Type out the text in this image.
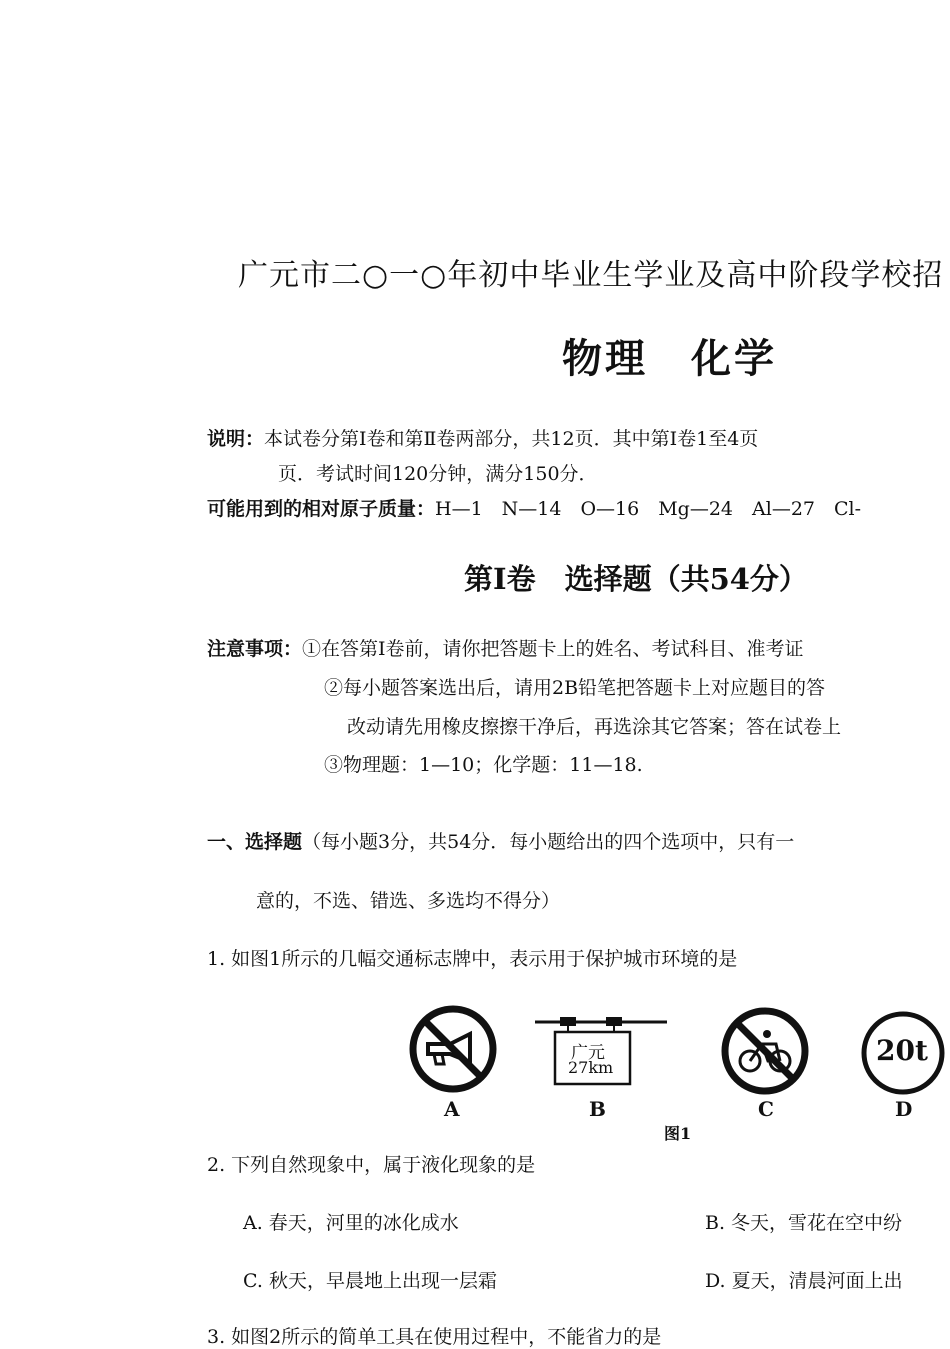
广元市二○一○年初中毕业生学业及高中阶段学校招
物理　化学
说明：本试卷分第Ⅰ卷和第Ⅱ卷两部分，共12页．其中第Ⅰ卷1至4页
页．考试时间120分钟，满分150分．
可能用到的相对原子质量：H—1　N—14　O—16　Mg—24　Al—27　Cl-
第Ⅰ卷　选择题（共54分）
注意事项：①在答第Ⅰ卷前，请你把答题卡上的姓名、考试科目、准考证
②每小题答案选出后，请用2B铅笔把答题卡上对应题目的答
改动请先用橡皮擦擦干净后，再选涂其它答案；答在试卷上
③物理题：1—10；化学题：11—18.
一、选择题（每小题3分，共54分．每小题给出的四个选项中，只有一
意的，不选、错选、多选均不得分）
1. 如图1所示的几幅交通标志牌中，表示用于保护城市环境的是
广元
27km
20t
A	B	C	D
图1
2. 下列自然现象中，属于液化现象的是
A. 春天，河里的冰化成水	B. 冬天，雪花在空中纷
C. 秋天，早晨地上出现一层霜	D. 夏天，清晨河面上出
3. 如图2所示的简单工具在使用过程中，不能省力的是
